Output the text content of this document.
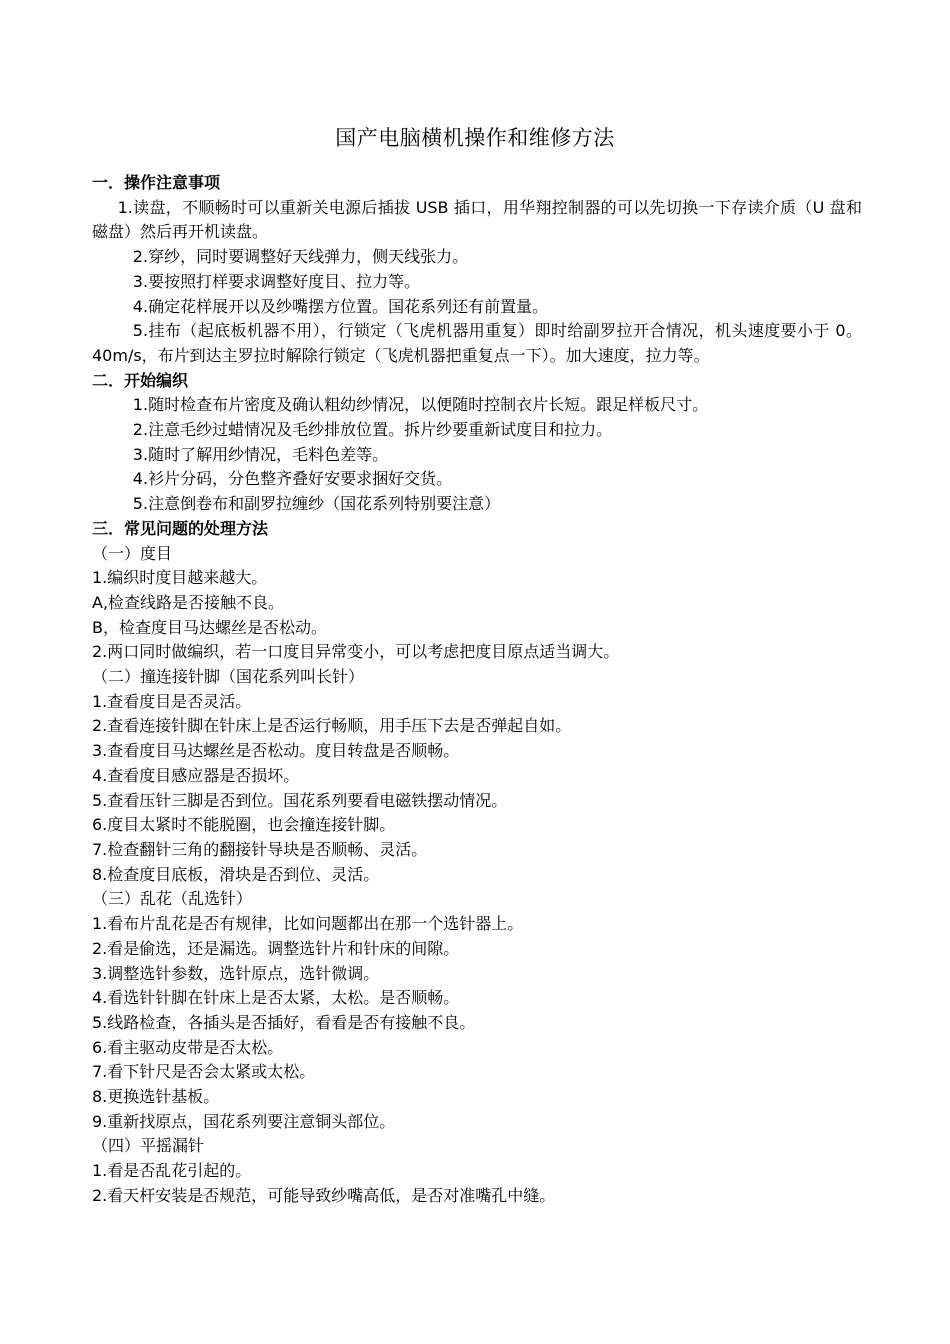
国产电脑横机操作和维修方法

一．操作注意事项

1.读盘，不顺畅时可以重新关电源后插拔 USB 插口，用华翔控制器的可以先切换一下存读介质（U 盘和磁盘）然后再开机读盘。

2.穿纱，同时要调整好天线弹力，侧天线张力。

3.要按照打样要求调整好度目、拉力等。

4.确定花样展开以及纱嘴摆方位置。国花系列还有前置量。

5.挂布（起底板机器不用），行锁定（飞虎机器用重复）即时给副罗拉开合情况，机头速度要小于 0。40m/s，布片到达主罗拉时解除行锁定（飞虎机器把重复点一下）。加大速度，拉力等。

二．开始编织

1.随时检查布片密度及确认粗幼纱情况，以便随时控制衣片长短。跟足样板尺寸。

2.注意毛纱过蜡情况及毛纱排放位置。拆片纱要重新试度目和拉力。

3.随时了解用纱情况，毛料色差等。

4.衫片分码，分色整齐叠好安要求捆好交货。

5.注意倒卷布和副罗拉缠纱（国花系列特别要注意）

三．常见问题的处理方法

（一）度目

1.编织时度目越来越大。

A,检查线路是否接触不良。

B，检查度目马达螺丝是否松动。

2.两口同时做编织，若一口度目异常变小，可以考虑把度目原点适当调大。

（二）撞连接针脚（国花系列叫长针）

1.查看度目是否灵活。

2.查看连接针脚在针床上是否运行畅顺，用手压下去是否弹起自如。

3.查看度目马达螺丝是否松动。度目转盘是否顺畅。

4.查看度目感应器是否损坏。

5.查看压针三脚是否到位。国花系列要看电磁铁摆动情况。

6.度目太紧时不能脱圈，也会撞连接针脚。

7.检查翻针三角的翻接针导块是否顺畅、灵活。

8.检查度目底板，滑块是否到位、灵活。

（三）乱花（乱选针）

1.看布片乱花是否有规律，比如问题都出在那一个选针器上。

2.看是偷选，还是漏选。调整选针片和针床的间隙。

3.调整选针参数，选针原点，选针微调。

4.看选针针脚在针床上是否太紧，太松。是否顺畅。

5.线路检查，各插头是否插好，看看是否有接触不良。

6.看主驱动皮带是否太松。

7.看下针尺是否会太紧或太松。

8.更换选针基板。

9.重新找原点，国花系列要注意铜头部位。

（四）平摇漏针

1.看是否乱花引起的。

2.看天杆安装是否规范，可能导致纱嘴高低，是否对准嘴孔中缝。
